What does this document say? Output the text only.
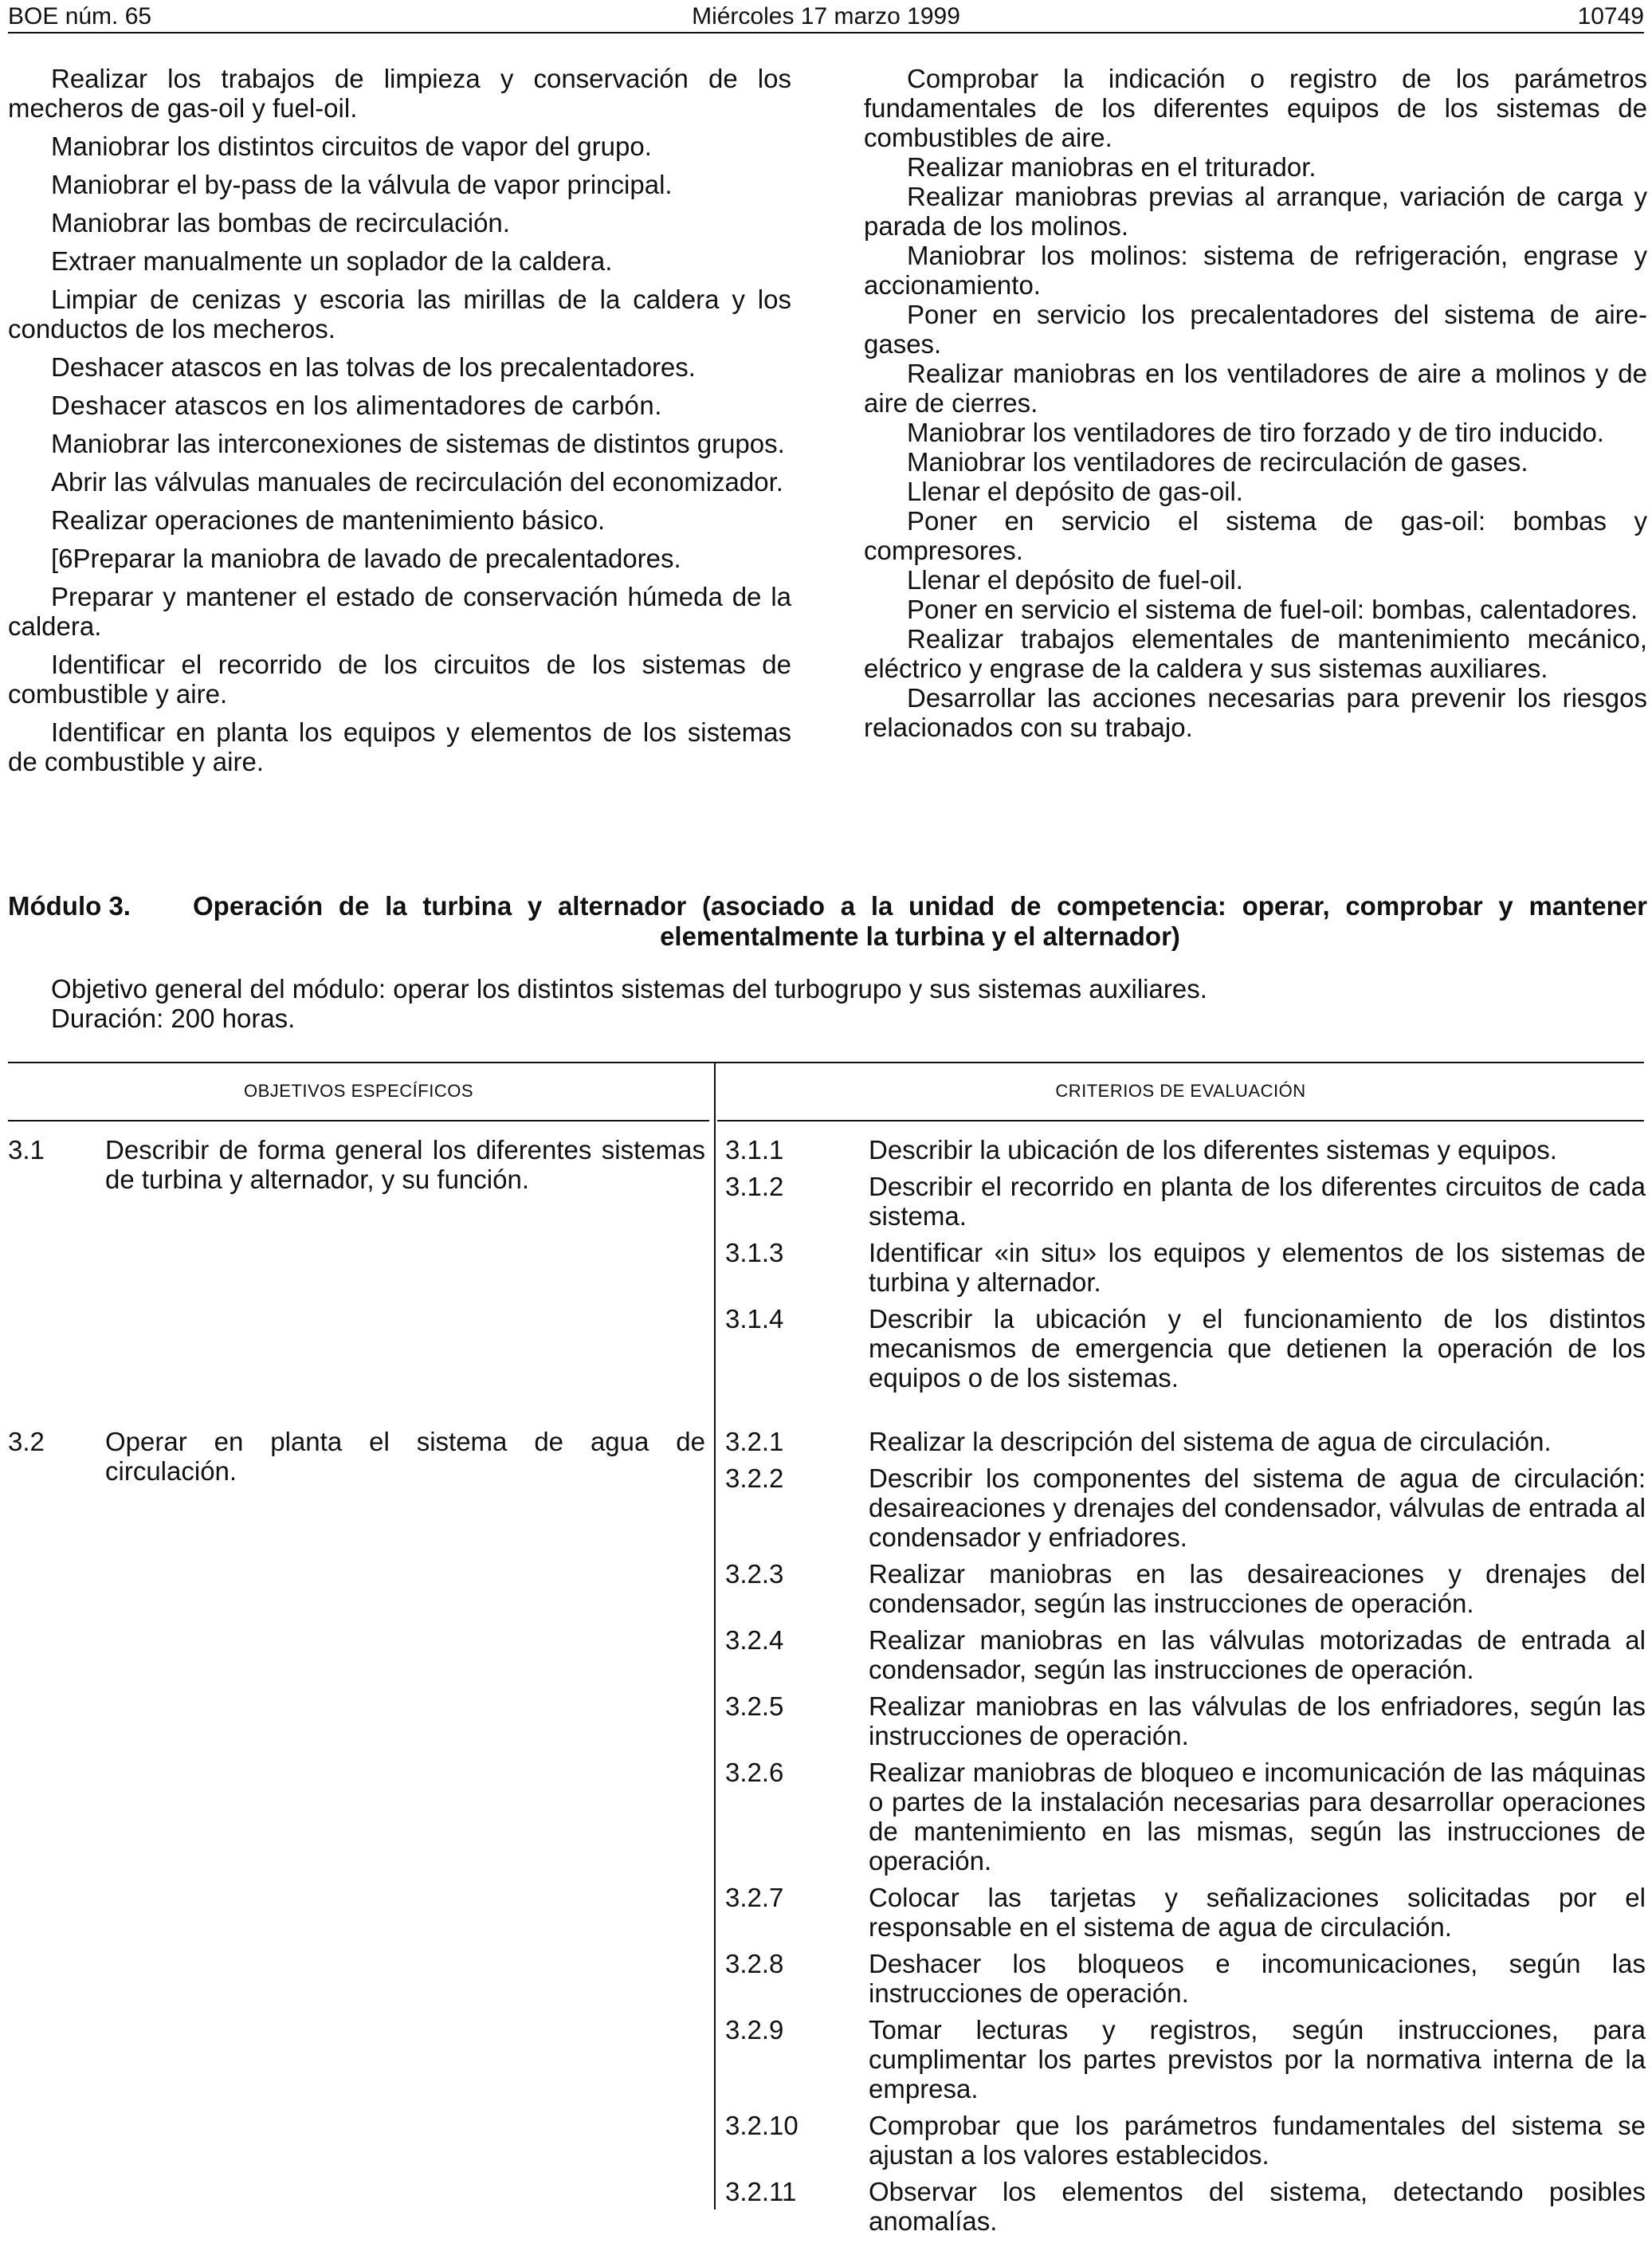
BOE núm. 65	Miércoles 17 marzo 1999	10749

Realizar los trabajos de limpieza y conservación de los mecheros de gas-oil y fuel-oil.

Maniobrar los distintos circuitos de vapor del grupo.

Maniobrar el by-pass de la válvula de vapor principal.

Maniobrar las bombas de recirculación.

Extraer manualmente un soplador de la caldera.

Limpiar de cenizas y escoria las mirillas de la caldera y los conductos de los mecheros.

Deshacer atascos en las tolvas de los precalentadores.

Deshacer atascos en los alimentadores de carbón.

Maniobrar las interconexiones de sistemas de distintos grupos.

Abrir las válvulas manuales de recirculación del economizador.

Realizar operaciones de mantenimiento básico.

[6Preparar la maniobra de lavado de precalentadores.

Preparar y mantener el estado de conservación húmeda de la caldera.

Identificar el recorrido de los circuitos de los sistemas de combustible y aire.

Identificar en planta los equipos y elementos de los sistemas de combustible y aire.

Comprobar la indicación o registro de los parámetros fundamentales de los diferentes equipos de los sistemas de combustibles de aire.

Realizar maniobras en el triturador.

Realizar maniobras previas al arranque, variación de carga y parada de los molinos.

Maniobrar los molinos: sistema de refrigeración, engrase y accionamiento.

Poner en servicio los precalentadores del sistema de aire-gases.

Realizar maniobras en los ventiladores de aire a molinos y de aire de cierres.

Maniobrar los ventiladores de tiro forzado y de tiro inducido.

Maniobrar los ventiladores de recirculación de gases.

Llenar el depósito de gas-oil.

Poner en servicio el sistema de gas-oil: bombas y compresores.

Llenar el depósito de fuel-oil.

Poner en servicio el sistema de fuel-oil: bombas, calentadores.

Realizar trabajos elementales de mantenimiento mecánico, eléctrico y engrase de la caldera y sus sistemas auxiliares.

Desarrollar las acciones necesarias para prevenir los riesgos relacionados con su trabajo.

Módulo 3. Operación de la turbina y alternador (asociado a la unidad de competencia: operar, comprobar y mantener elementalmente la turbina y el alternador)

Objetivo general del módulo: operar los distintos sistemas del turbogrupo y sus sistemas auxiliares.

Duración: 200 horas.

OBJETIVOS ESPECÍFICOS	CRITERIOS DE EVALUACIÓN
3.1 Describir de forma general los diferentes sistemas de turbina y alternador, y su función.
3.1.1	Describir la ubicación de los diferentes sistemas y equipos.
3.1.2	Describir el recorrido en planta de los diferentes circuitos de cada sistema.
3.1.3	Identificar «in situ» los equipos y elementos de los sistemas de turbina y alternador.
3.1.4	Describir la ubicación y el funcionamiento de los distintos mecanismos de emergencia que detienen la operación de los equipos o de los sistemas.
3.2 Operar en planta el sistema de agua de circulación.
3.2.1	Realizar la descripción del sistema de agua de circulación.
3.2.2	Describir los componentes del sistema de agua de circulación: desaireaciones y drenajes del condensador, válvulas de entrada al condensador y enfriadores.
3.2.3	Realizar maniobras en las desaireaciones y drenajes del condensador, según las instrucciones de operación.
3.2.4	Realizar maniobras en las válvulas motorizadas de entrada al condensador, según las instrucciones de operación.
3.2.5	Realizar maniobras en las válvulas de los enfriadores, según las instrucciones de operación.
3.2.6	Realizar maniobras de bloqueo e incomunicación de las máquinas o partes de la instalación necesarias para desarrollar operaciones de mantenimiento en las mismas, según las instrucciones de operación.
3.2.7	Colocar las tarjetas y señalizaciones solicitadas por el responsable en el sistema de agua de circulación.
3.2.8	Deshacer los bloqueos e incomunicaciones, según las instrucciones de operación.
3.2.9	Tomar lecturas y registros, según instrucciones, para cumplimentar los partes previstos por la normativa interna de la empresa.
3.2.10	Comprobar que los parámetros fundamentales del sistema se ajustan a los valores establecidos.
3.2.11	Observar los elementos del sistema, detectando posibles anomalías.
